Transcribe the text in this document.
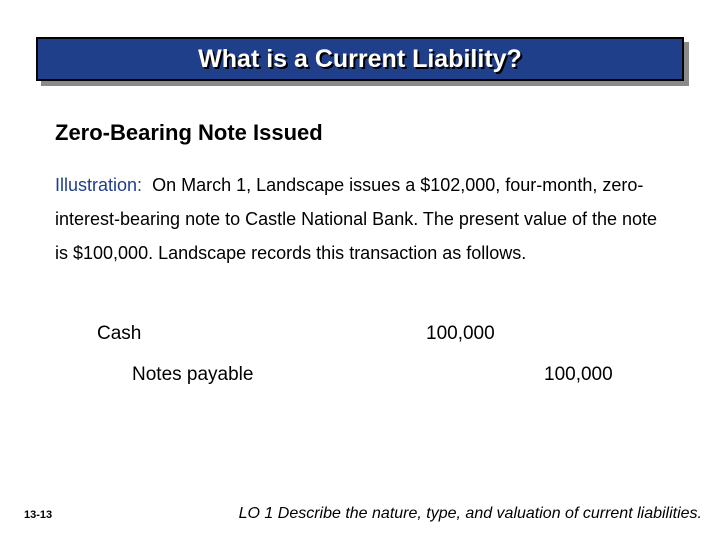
What is a Current Liability?
Zero-Bearing Note Issued
Illustration: On March 1, Landscape issues a $102,000, four-month, zero-interest-bearing note to Castle National Bank. The present value of the note is $100,000. Landscape records this transaction as follows.
Cash	100,000
Notes payable	100,000
13-13	LO 1 Describe the nature, type, and valuation of current liabilities.
